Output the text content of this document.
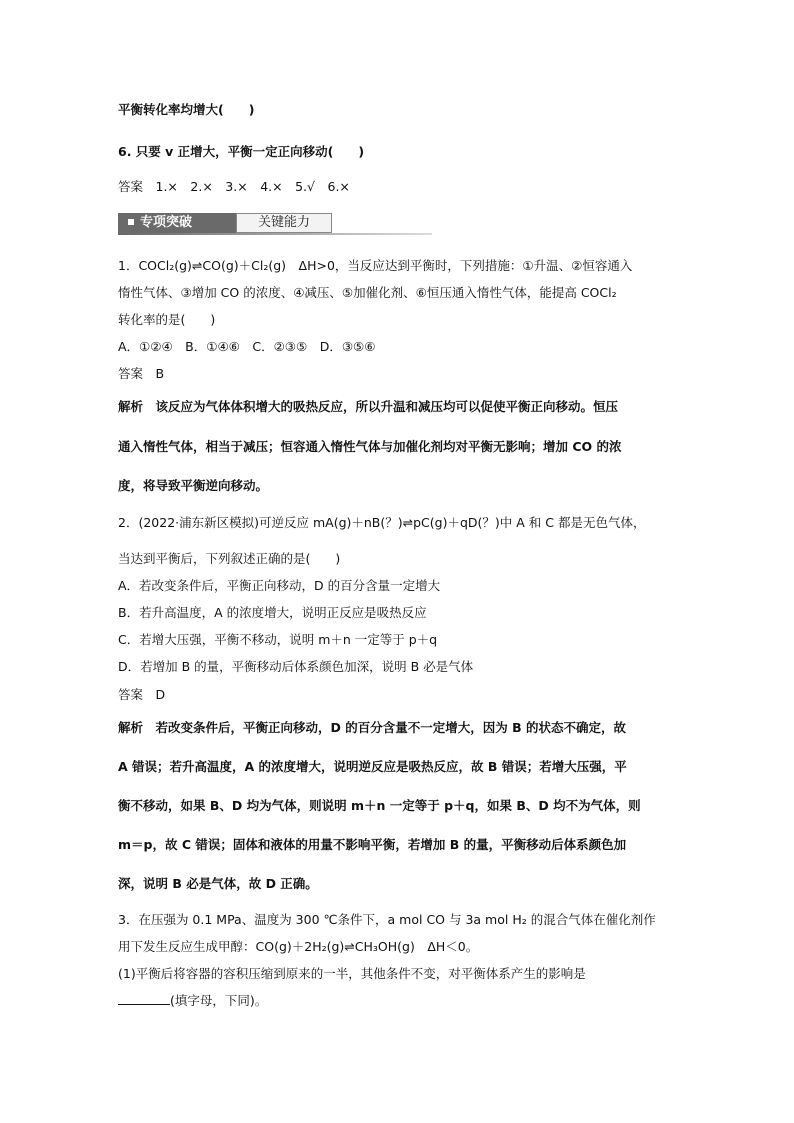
平衡转化率均增大(　　)
6. 只要 v 正增大，平衡一定正向移动(　　)
答案　1.×　2.×　3.×　4.×　5.√　6.×
专项突破	关键能力
1．COCl₂(g)⇌CO(g)＋Cl₂(g)　ΔH>0，当反应达到平衡时，下列措施：①升温、②恒容通入
惰性气体、③增加 CO 的浓度、④减压、⑤加催化剂、⑥恒压通入惰性气体，能提高 COCl₂
转化率的是(　　)
A．①②④　B．①④⑥　C．②③⑤　D．③⑤⑥
答案　B
解析　该反应为气体体积增大的吸热反应，所以升温和减压均可以促使平衡正向移动。恒压
通入惰性气体，相当于减压；恒容通入惰性气体与加催化剂均对平衡无影响；增加 CO 的浓
度，将导致平衡逆向移动。
2．(2022·浦东新区模拟)可逆反应 mA(g)＋nB(？)⇌pC(g)＋qD(？)中 A 和 C 都是无色气体，
当达到平衡后，下列叙述正确的是(　　)
A．若改变条件后，平衡正向移动，D 的百分含量一定增大
B．若升高温度，A 的浓度增大，说明正反应是吸热反应
C．若增大压强，平衡不移动，说明 m＋n 一定等于 p＋q
D．若增加 B 的量，平衡移动后体系颜色加深，说明 B 必是气体
答案　D
解析　若改变条件后，平衡正向移动，D 的百分含量不一定增大，因为 B 的状态不确定，故
A 错误；若升高温度，A 的浓度增大，说明逆反应是吸热反应，故 B 错误；若增大压强，平
衡不移动，如果 B、D 均为气体，则说明 m＋n 一定等于 p＋q，如果 B、D 均不为气体，则
m＝p，故 C 错误；固体和液体的用量不影响平衡，若增加 B 的量，平衡移动后体系颜色加
深，说明 B 必是气体，故 D 正确。
3．在压强为 0.1 MPa、温度为 300 ℃条件下，a mol CO 与 3a mol H₂ 的混合气体在催化剂作
用下发生反应生成甲醇：CO(g)＋2H₂(g)⇌CH₃OH(g)　ΔH＜0。
(1)平衡后将容器的容积压缩到原来的一半，其他条件不变，对平衡体系产生的影响是
(填字母，下同)。
